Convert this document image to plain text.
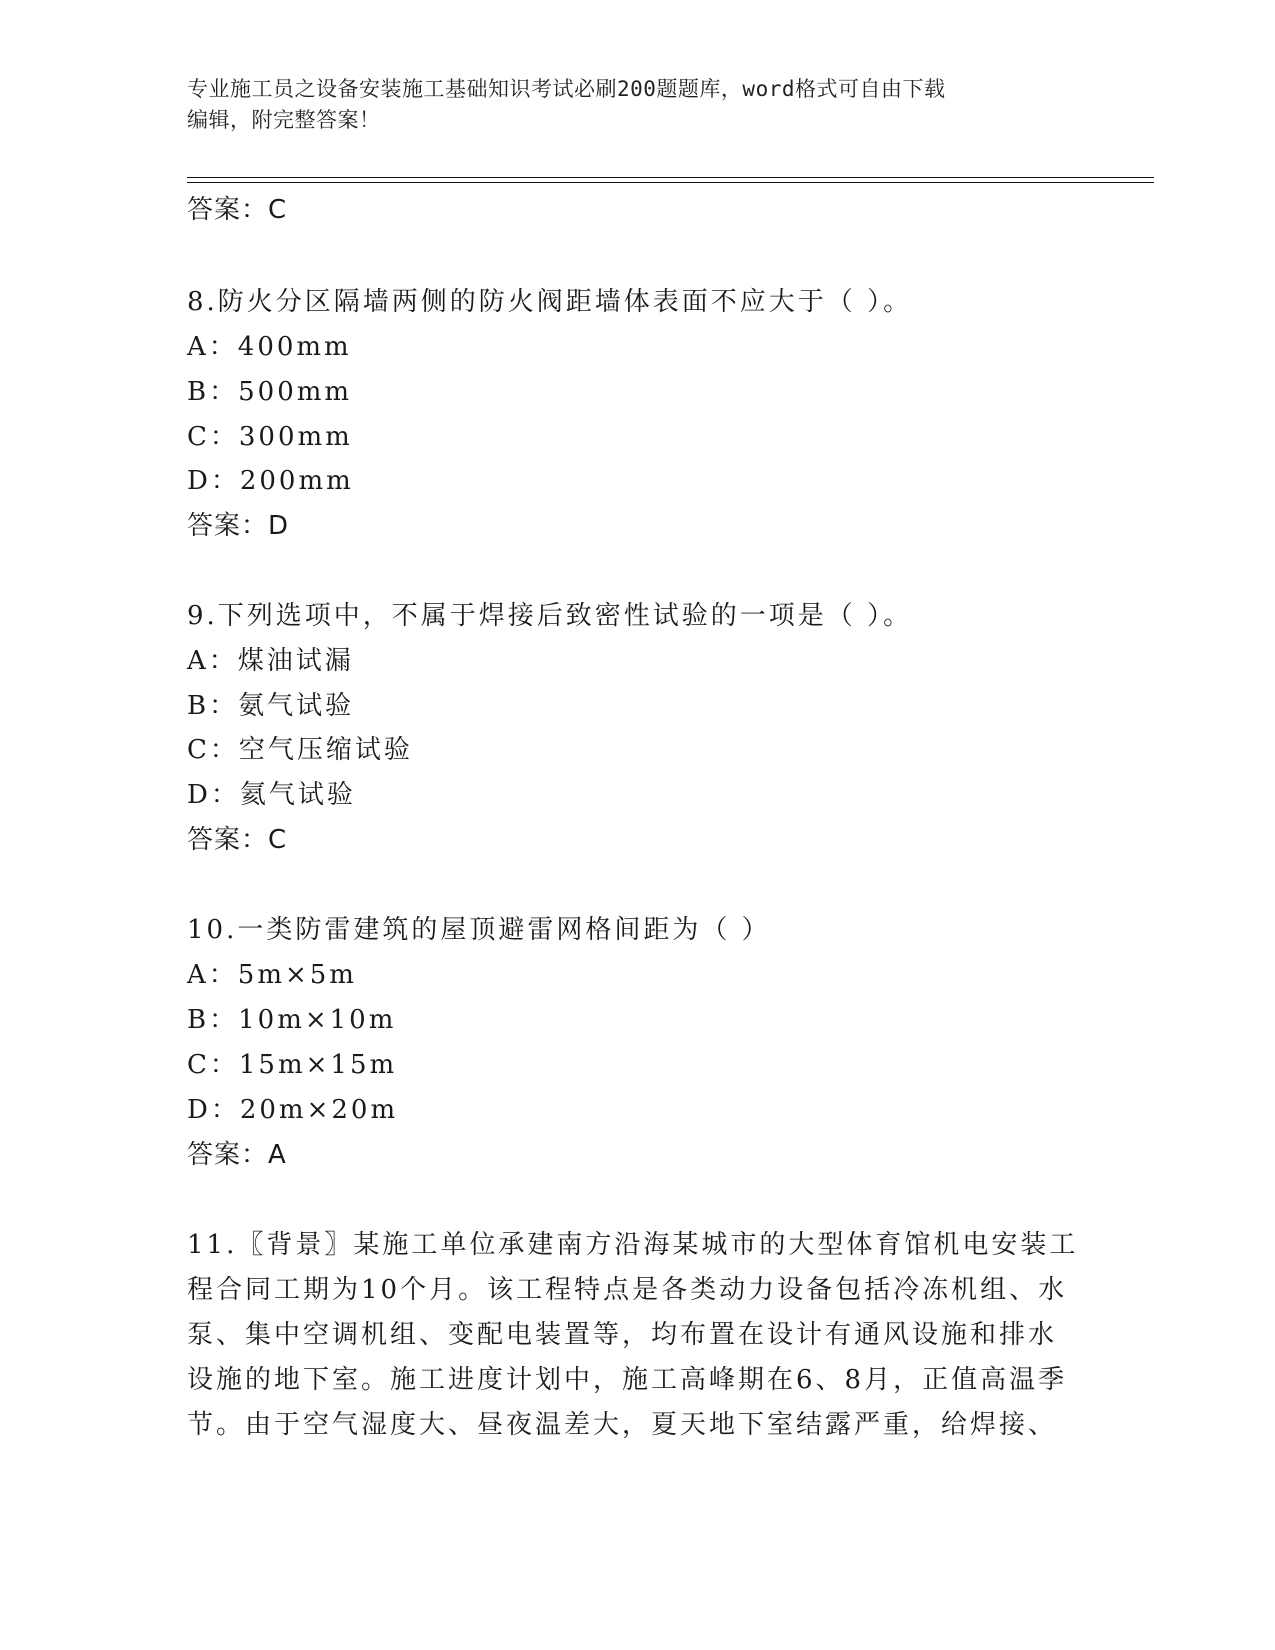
专业施工员之设备安装施工基础知识考试必刷200题题库，word格式可自由下载
编辑，附完整答案！
答案：C
8.防火分区隔墙两侧的防火阀距墙体表面不应大于（ ）。
A：400mm
B：500mm
C：300mm
D：200mm
答案：D
9.下列选项中，不属于焊接后致密性试验的一项是（ ）。
A：煤油试漏
B：氨气试验
C：空气压缩试验
D：氦气试验
答案：C
10.一类防雷建筑的屋顶避雷网格间距为（ ）
A：5m×5m
B：10m×10m
C：15m×15m
D：20m×20m
答案：A
11.〖背景〗某施工单位承建南方沿海某城市的大型体育馆机电安装工
程合同工期为10个月。该工程特点是各类动力设备包括冷冻机组、水
泵、集中空调机组、变配电装置等，均布置在设计有通风设施和排水
设施的地下室。施工进度计划中，施工高峰期在6、8月，正值高温季
节。由于空气湿度大、昼夜温差大，夏天地下室结露严重，给焊接、
